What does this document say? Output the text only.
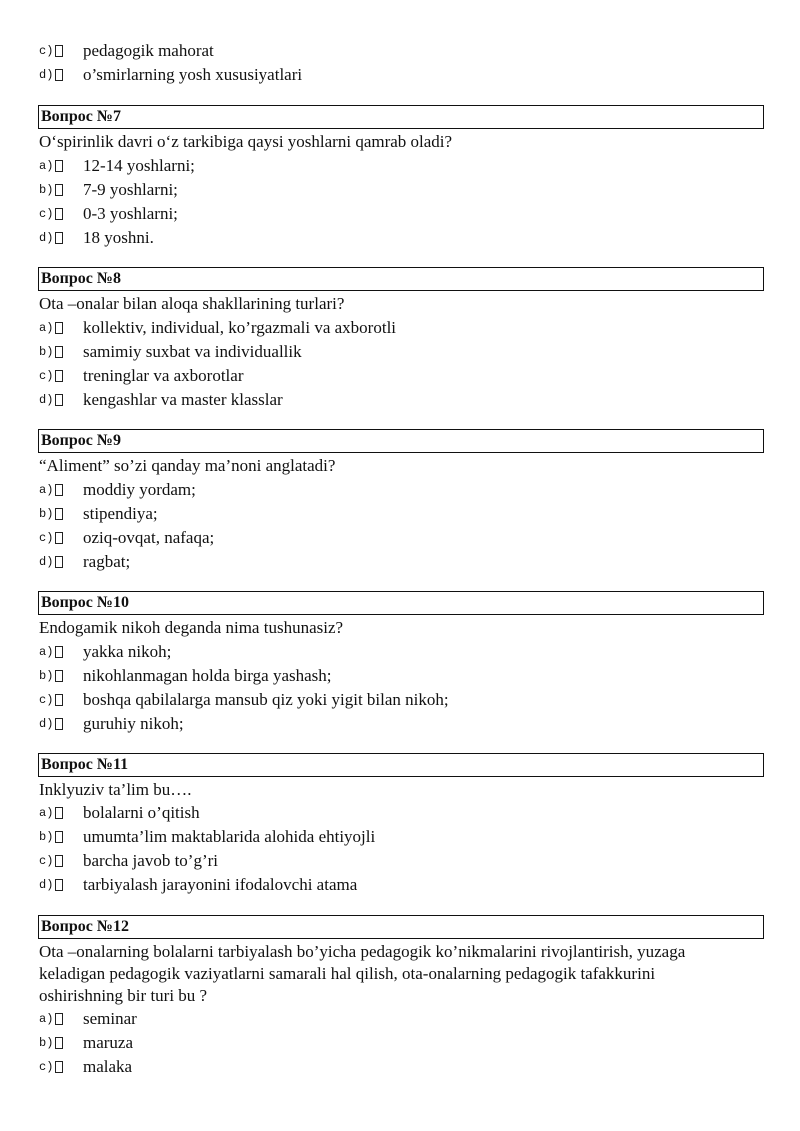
c)	pedagogik mahorat
d)	o’smirlarning yosh xususiyatlari
Вопрос №7
O‘spirinlik davri o‘z tarkibiga qaysi yoshlarni qamrab oladi?
a)	12-14 yoshlarni;
b)	7-9 yoshlarni;
c)	0-3 yoshlarni;
d)	18 yoshni.
Вопрос №8
Ota –onalar bilan aloqa shakllarining turlari?
a)	kollektiv, individual, ko’rgazmali va axborotli
b)	samimiy suxbat va individuallik
c)	treninglar va axborotlar
d)	kengashlar va master klasslar
Вопрос №9
“Aliment” so’zi qanday ma’noni anglatadi?
a)	moddiy yordam;
b)	stipendiya;
c)	oziq-ovqat, nafaqa;
d)	ragbat;
Вопрос №10
Endogamik nikoh deganda nima tushunasiz?
a)	yakka nikoh;
b)	nikohlanmagan holda birga yashash;
c)	boshqa qabilalarga mansub qiz yoki yigit bilan nikoh;
d)	guruhiy nikoh;
Вопрос №11
Inklyuziv ta’lim bu….
a)	bolalarni o’qitish
b)	umumta’lim maktablarida alohida ehtiyojli
c)	barcha javob to’g’ri
d)	tarbiyalash jarayonini ifodalovchi atama
Вопрос №12
Ota –onalarning bolalarni tarbiyalash bo’yicha pedagogik ko’nikmalarini rivojlantirish, yuzaga
keladigan pedagogik vaziyatlarni samarali hal qilish, ota-onalarning pedagogik tafakkurini
oshirishning bir turi bu ?
a)	seminar
b)	maruza
c)	malaka
